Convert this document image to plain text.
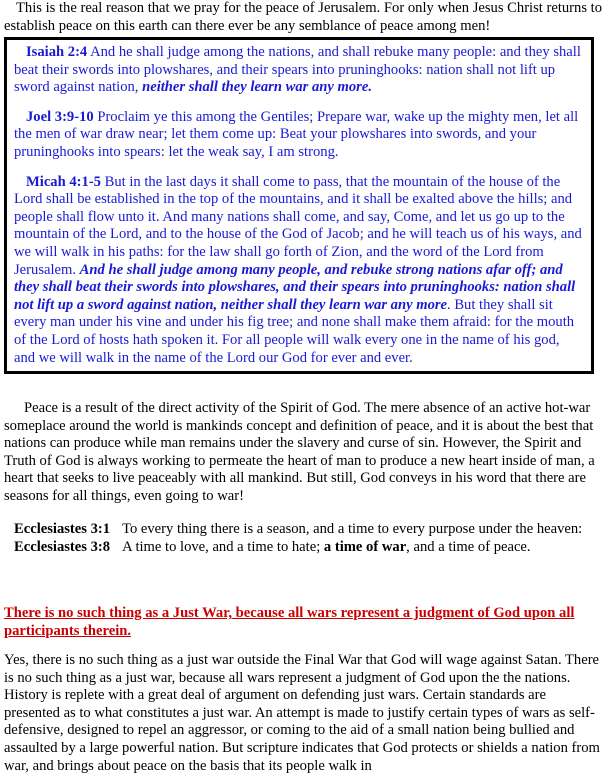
This is the real reason that we pray for the peace of Jerusalem. For only when Jesus Christ returns to establish peace on this earth can there ever be any semblance of peace among men!

Isaiah 2:4 And he shall judge among the nations, and shall rebuke many people: and they shall beat their swords into plowshares, and their spears into pruninghooks: nation shall not lift up sword against nation, neither shall they learn war any more.

Joel 3:9-10 Proclaim ye this among the Gentiles; Prepare war, wake up the mighty men, let all the men of war draw near; let them come up: Beat your plowshares into swords, and your pruninghooks into spears: let the weak say, I am strong.

Micah 4:1-5 But in the last days it shall come to pass, that the mountain of the house of the Lord shall be established in the top of the mountains, and it shall be exalted above the hills; and people shall flow unto it. And many nations shall come, and say, Come, and let us go up to the mountain of the Lord, and to the house of the God of Jacob; and he will teach us of his ways, and we will walk in his paths: for the law shall go forth of Zion, and the word of the Lord from Jerusalem. And he shall judge among many people, and rebuke strong nations afar off; and they shall beat their swords into plowshares, and their spears into pruninghooks: nation shall not lift up a sword against nation, neither shall they learn war any more. But they shall sit every man under his vine and under his fig tree; and none shall make them afraid: for the mouth of the Lord of hosts hath spoken it. For all people will walk every one in the name of his god, and we will walk in the name of the Lord our God for ever and ever.

Peace is a result of the direct activity of the Spirit of God. The mere absence of an active hot-war someplace around the world is mankinds concept and definition of peace, and it is about the best that nations can produce while man remains under the slavery and curse of sin. However, the Spirit and Truth of God is always working to permeate the heart of man to produce a new heart inside of man, a heart that seeks to live peaceably with all mankind. But still, God conveys in his word that there are seasons for all things, even going to war!

Ecclesiastes 3:1 To every thing there is a season, and a time to every purpose under the heaven:

Ecclesiastes 3:8 A time to love, and a time to hate; a time of war, and a time of peace.

There is no such thing as a Just War, because all wars represent a judgment of God upon all participants therein.
Yes, there is no such thing as a just war outside the Final War that God will wage against Satan. There is no such thing as a just war, because all wars represent a judgment of God upon the the nations. History is replete with a great deal of argument on defending just wars. Certain standards are presented as to what constitutes a just war. An attempt is made to justify certain types of wars as self-defensive, designed to repel an aggressor, or coming to the aid of a small nation being bullied and assaulted by a large powerful nation. But scripture indicates that God protects or shields a nation from war, and brings about peace on the basis that its people walk in
